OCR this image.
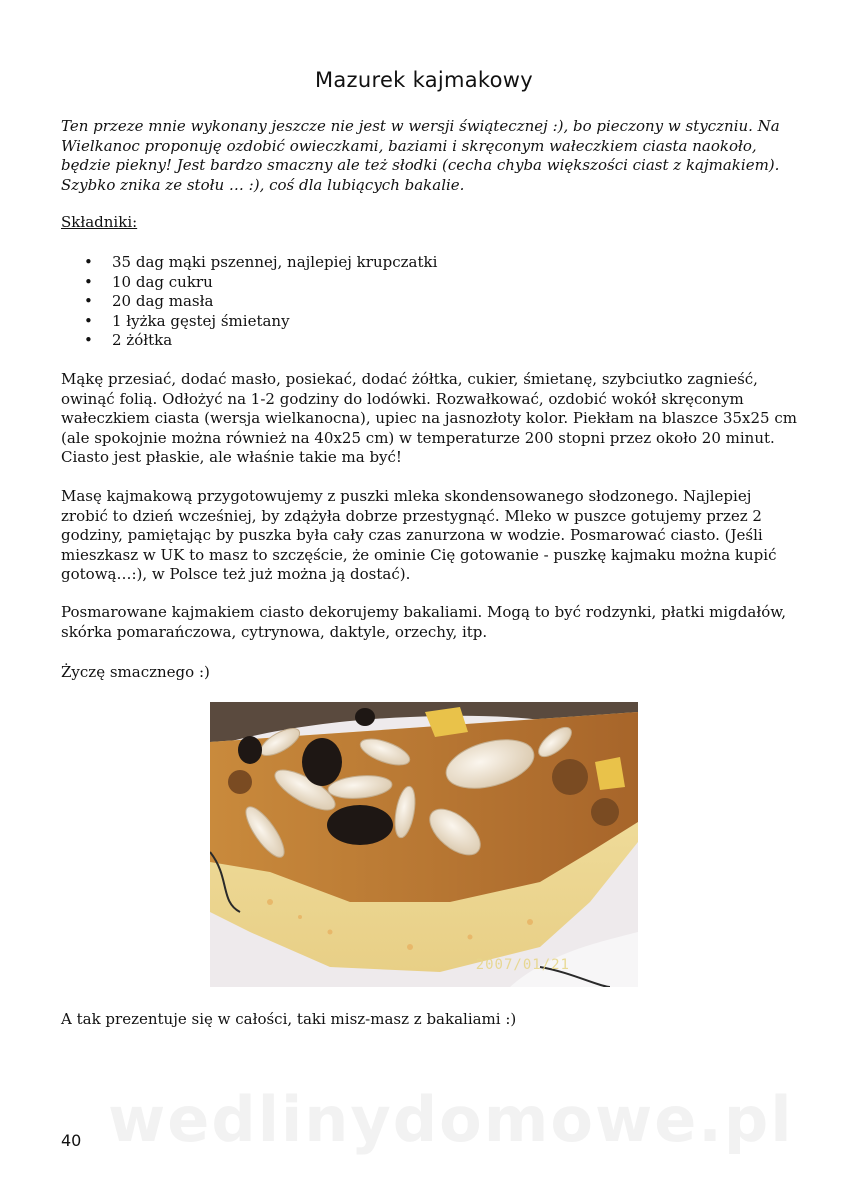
Mazurek kajmakowy

Ten przeze mnie wykonany jeszcze nie jest w wersji świątecznej :), bo pieczony w styczniu. Na Wielkanoc proponuję ozdobić owieczkami, baziami i skręconym wałeczkiem ciasta naokoło, będzie piekny! Jest bardzo smaczny ale też słodki (cecha chyba większości ciast z kajmakiem). Szybko znika ze stołu … :), coś dla lubiących bakalie.

Składniki:

• 35 dag mąki pszennej, najlepiej krupczatki
• 10 dag cukru
• 20 dag masła
• 1 łyżka gęstej śmietany
• 2 żółtka

Mąkę przesiać, dodać masło, posiekać, dodać żółtka, cukier, śmietanę, szybciutko zagnieść, owinąć folią. Odłożyć na 1-2 godziny do lodówki. Rozwałkować, ozdobić wokół skręconym wałeczkiem ciasta (wersja wielkanocna), upiec na jasnozłoty kolor. Piekłam na blaszce 35x25 cm (ale spokojnie można również na 40x25 cm) w temperaturze 200 stopni przez około 20 minut. Ciasto jest płaskie, ale właśnie takie ma być!

Masę kajmakową przygotowujemy z puszki mleka skondensowanego słodzonego. Najlepiej zrobić to dzień wcześniej, by zdążyła dobrze przestygnąć. Mleko w puszce gotujemy przez 2 godziny, pamiętając by puszka była cały czas zanurzona w wodzie. Posmarować ciasto. (Jeśli mieszkasz w UK to masz to szczęście, że ominie Cię gotowanie - puszkę kajmaku można kupić gotową…:), w Polsce też już można ją dostać).

Posmarowane kajmakiem ciasto dekorujemy bakaliami. Mogą to być rodzynki, płatki migdałów, skórka pomarańczowa, cytrynowa, daktyle, orzechy, itp.

Życzę smacznego :)

2007/01/21

A tak prezentuje się w całości, taki misz-masz z bakaliami :)

wedlinydomowe.pl
40
